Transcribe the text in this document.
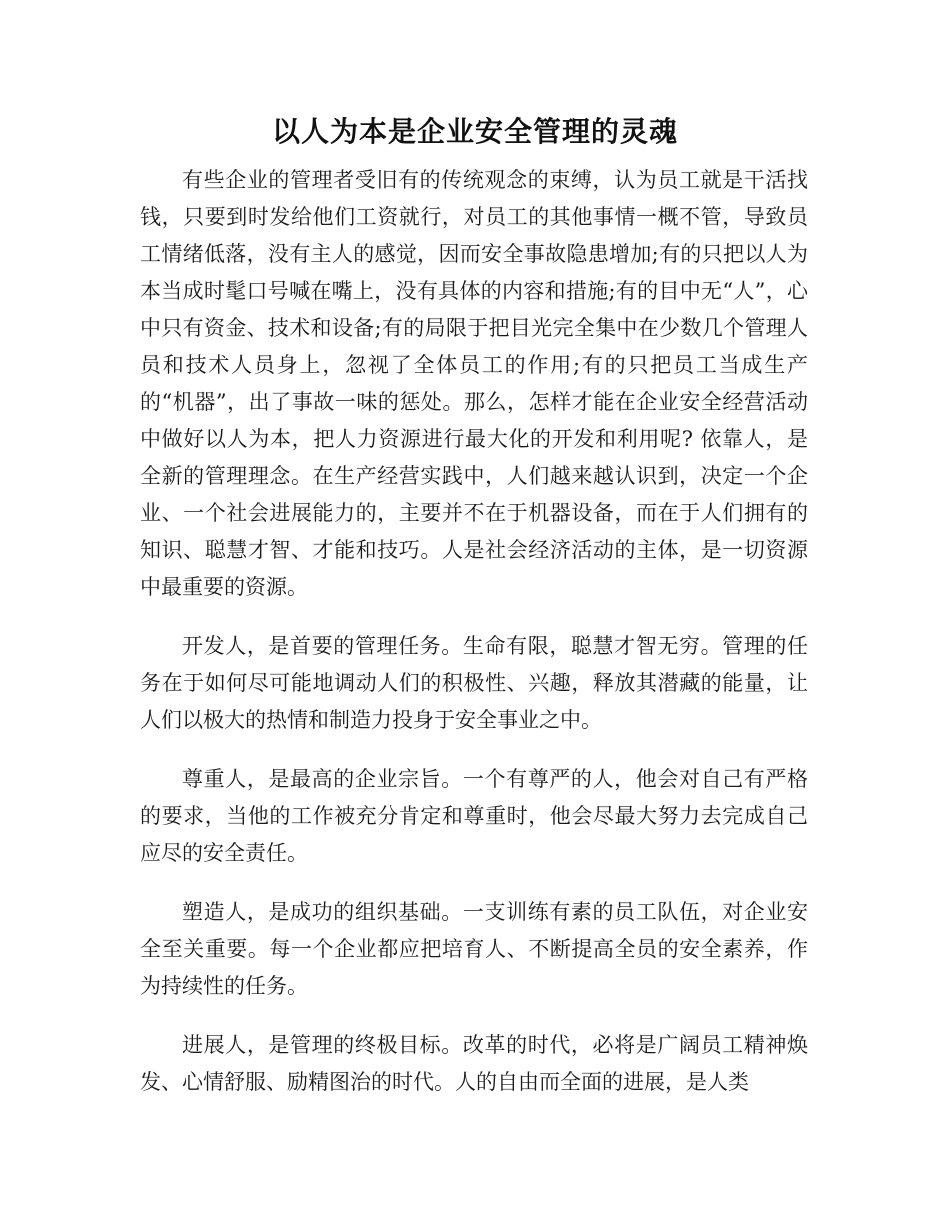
以人为本是企业安全管理的灵魂

有些企业的管理者受旧有的传统观念的束缚，认为员工就是干活找钱，只要到时发给他们工资就行，对员工的其他事情一概不管，导致员工情绪低落，没有主人的感觉，因而安全事故隐患增加;有的只把以人为本当成时髦口号喊在嘴上，没有具体的内容和措施;有的目中无“人”，心中只有资金、技术和设备;有的局限于把目光完全集中在少数几个管理人员和技术人员身上，忽视了全体员工的作用;有的只把员工当成生产的“机器”，出了事故一味的惩处。那么，怎样才能在企业安全经营活动中做好以人为本，把人力资源进行最大化的开发和利用呢? 依靠人，是全新的管理理念。在生产经营实践中，人们越来越认识到，决定一个企业、一个社会进展能力的，主要并不在于机器设备，而在于人们拥有的知识、聪慧才智、才能和技巧。人是社会经济活动的主体，是一切资源中最重要的资源。

开发人，是首要的管理任务。生命有限，聪慧才智无穷。管理的任务在于如何尽可能地调动人们的积极性、兴趣，释放其潜藏的能量，让人们以极大的热情和制造力投身于安全事业之中。

尊重人，是最高的企业宗旨。一个有尊严的人，他会对自己有严格的要求，当他的工作被充分肯定和尊重时，他会尽最大努力去完成自己应尽的安全责任。

塑造人，是成功的组织基础。一支训练有素的员工队伍，对企业安全至关重要。每一个企业都应把培育人、不断提高全员的安全素养，作为持续性的任务。

进展人，是管理的终极目标。改革的时代，必将是广阔员工精神焕发、心情舒服、励精图治的时代。人的自由而全面的进展，是人类
